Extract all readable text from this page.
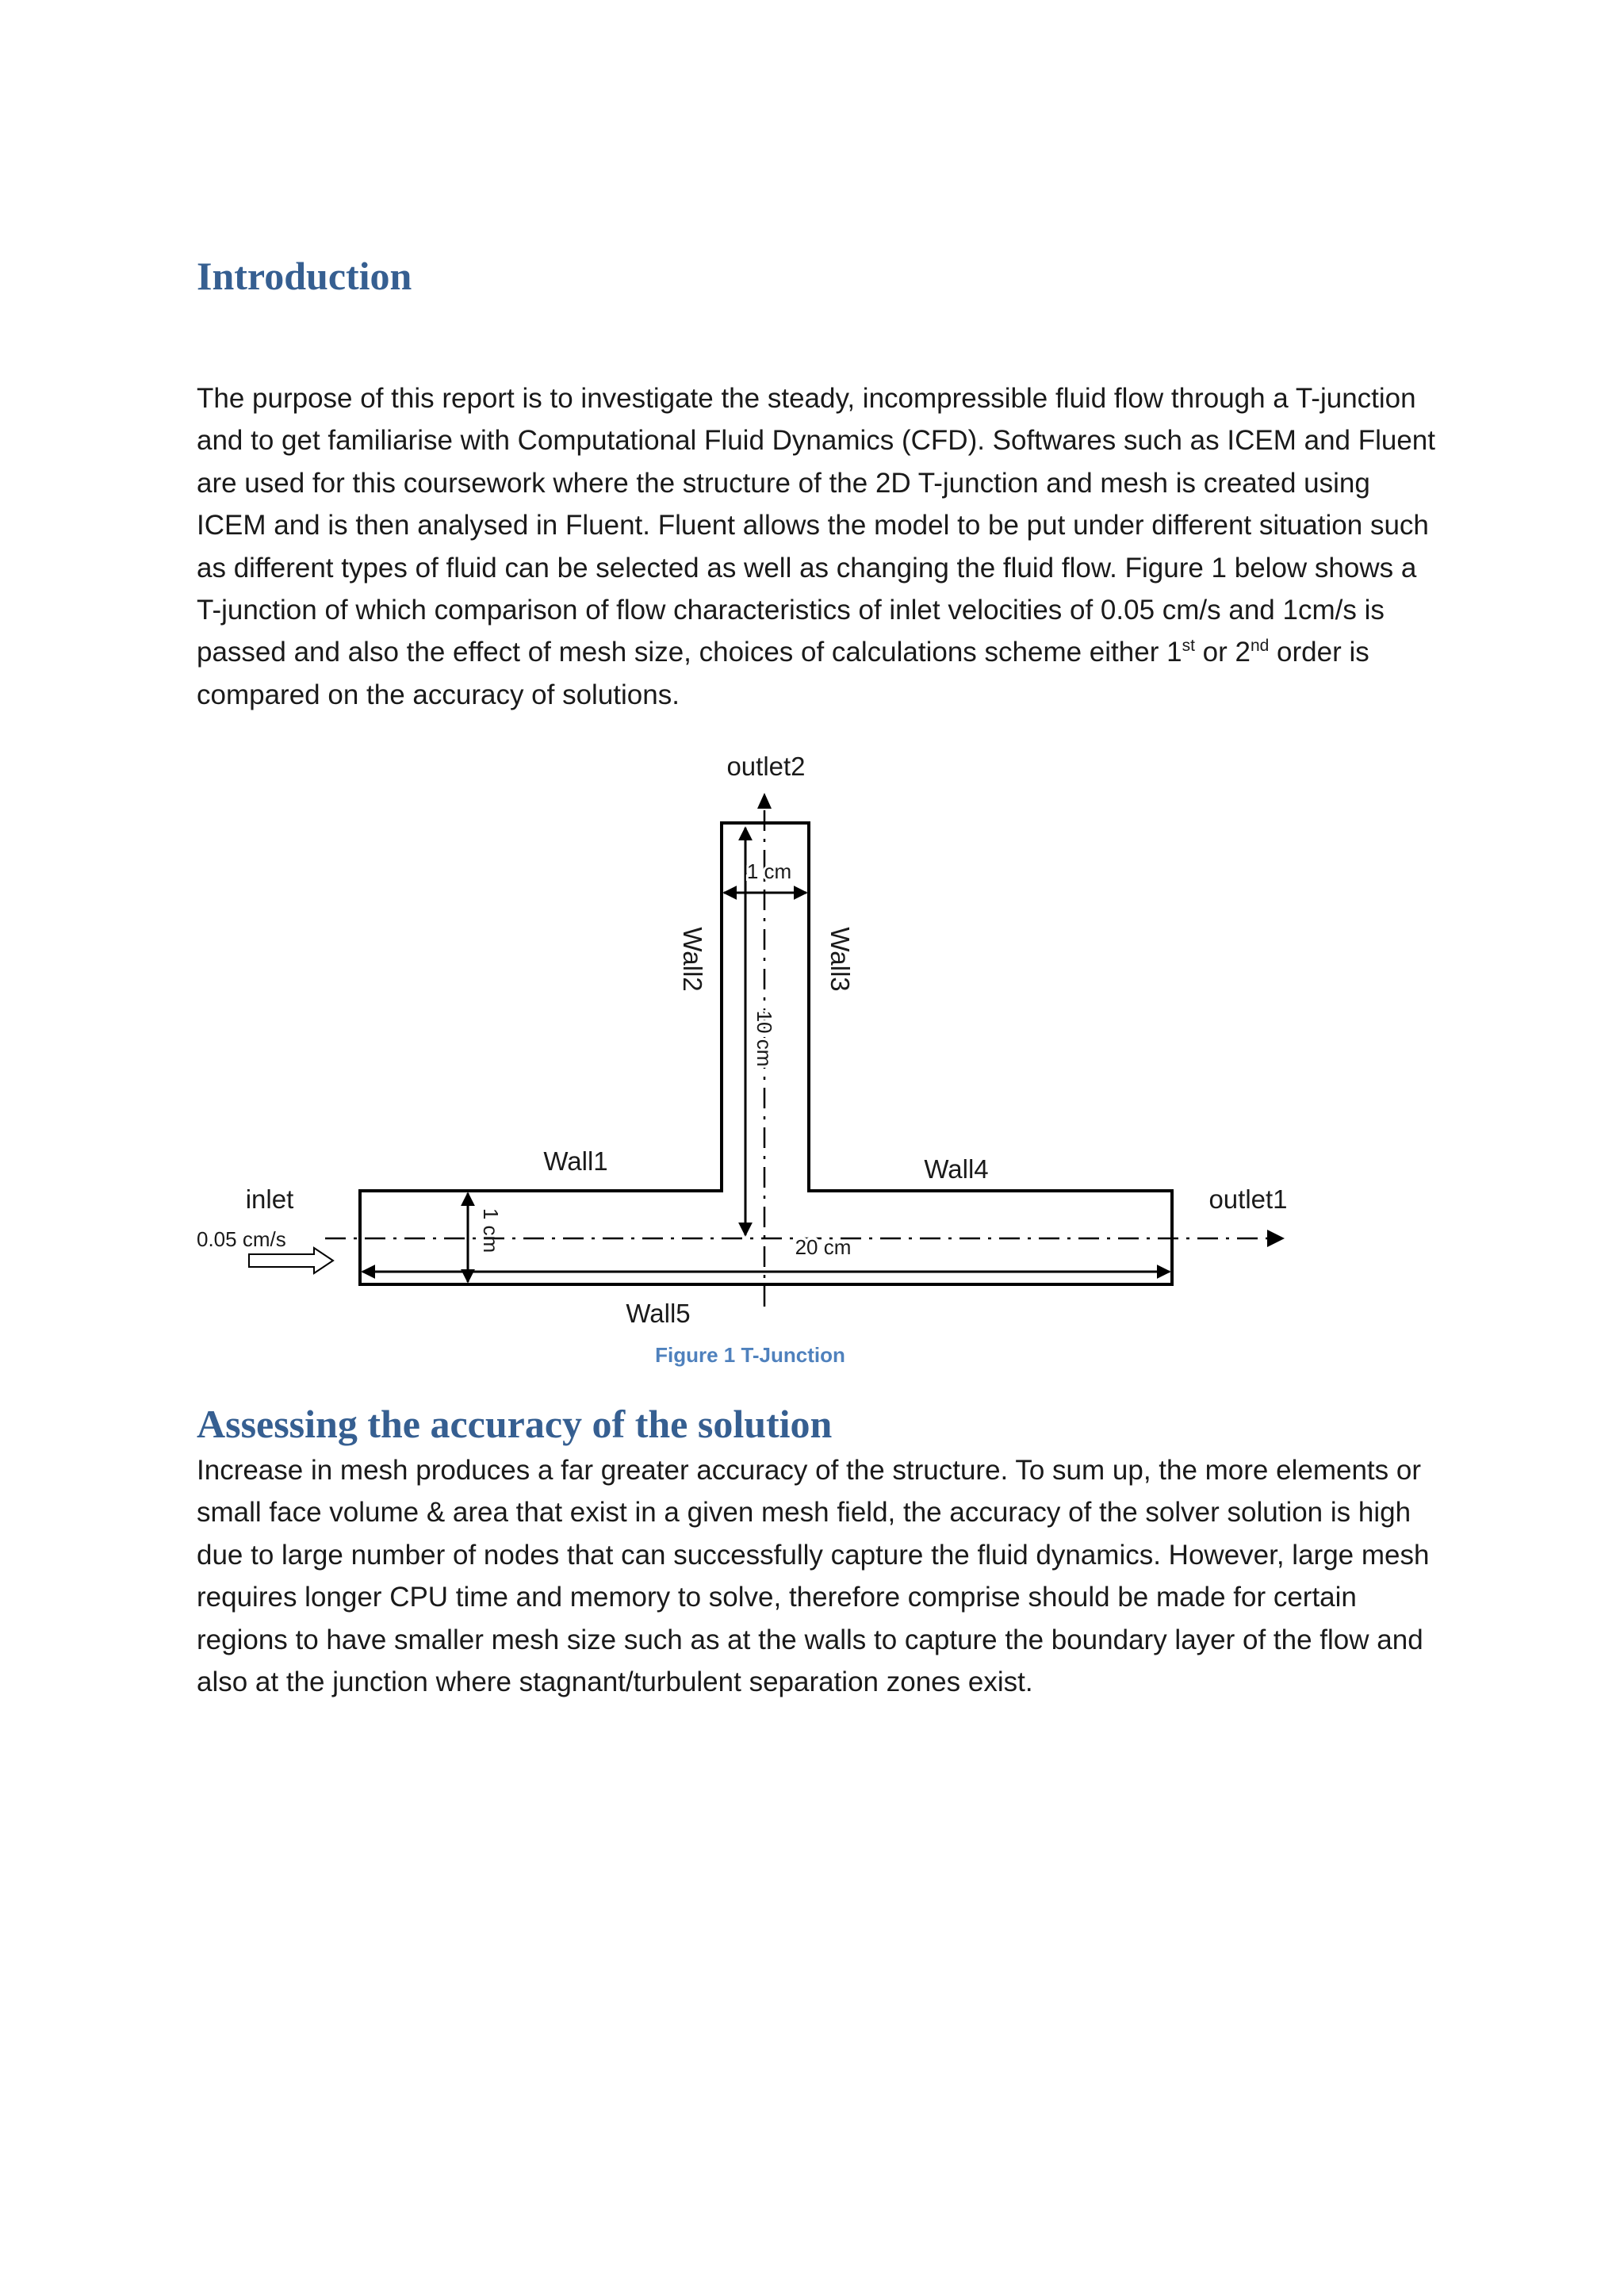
Introduction

The purpose of this report is to investigate the steady, incompressible fluid flow through a T-junction and to get familiarise with Computational Fluid Dynamics (CFD). Softwares such as ICEM and Fluent are used for this coursework where the structure of the 2D T-junction and mesh is created using ICEM and is then analysed in Fluent. Fluent allows the model to be put under different situation such as different types of fluid can be selected as well as changing the fluid flow. Figure 1 below shows a T-junction of which comparison of flow characteristics of inlet velocities of 0.05 cm/s and 1cm/s is passed and also the effect of mesh size, choices of calculations scheme either 1st or 2nd order is compared on the accuracy of solutions.

outlet2
1 cm
Wall2	Wall3
10 cm
Wall1	Wall4
inlet
0.05 cm/s
outlet1
1 cm	20 cm
Wall5
Figure 1 T-Junction
Assessing the accuracy of the solution

Increase in mesh produces a far greater accuracy of the structure. To sum up, the more elements or small face volume & area that exist in a given mesh field, the accuracy of the solver solution is high due to large number of nodes that can successfully capture the fluid dynamics. However, large mesh requires longer CPU time and memory to solve, therefore comprise should be made for certain regions to have smaller mesh size such as at the walls to capture the boundary layer of the flow and also at the junction where stagnant/turbulent separation zones exist.
